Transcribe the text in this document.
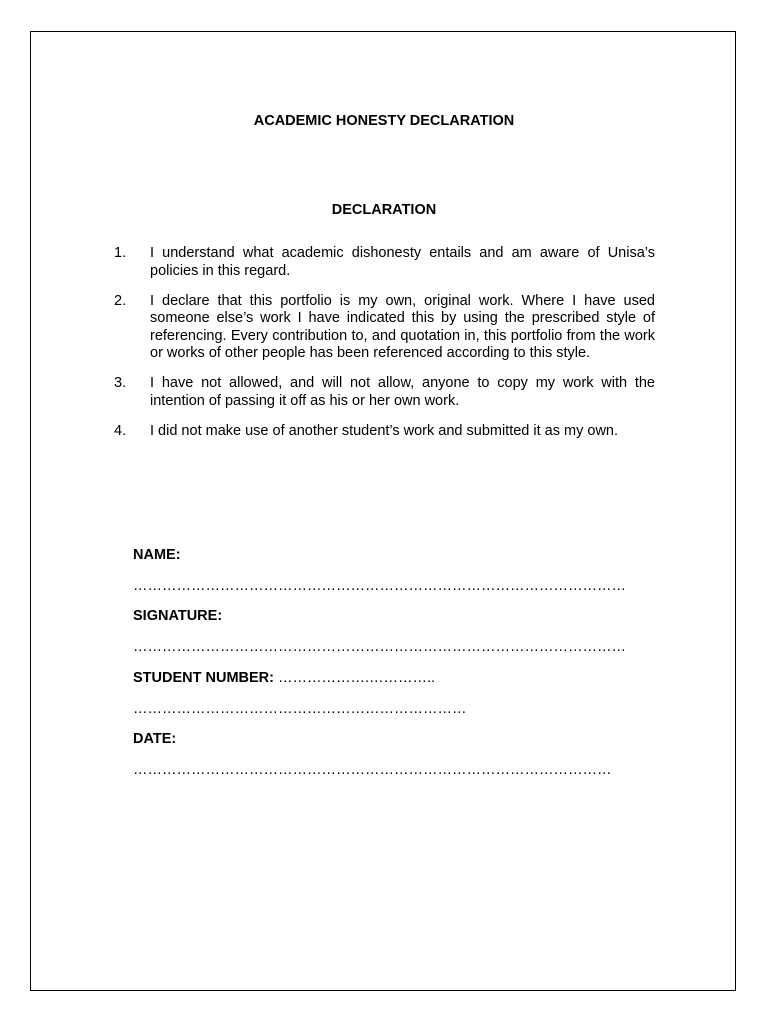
ACADEMIC HONESTY DECLARATION
DECLARATION
1.	I understand what academic dishonesty entails and am aware of Unisa’s policies in this regard.
2.	I declare that this portfolio is my own, original work. Where I have used someone else’s work I have indicated this by using the prescribed style of referencing. Every contribution to, and quotation in, this portfolio from the work or works of other people has been referenced according to this style.
3.	I have not allowed, and will not allow, anyone to copy my work with the intention of passing it off as his or her own work.
4.	I did not make use of another student’s work and submitted it as my own.
NAME:
…………………………………………………………………………………………
SIGNATURE:
…………………………………………………………………………………………
STUDENT NUMBER: ……………….…………..
……………………………………………………………
DATE:
………………………………………………………………………………………
